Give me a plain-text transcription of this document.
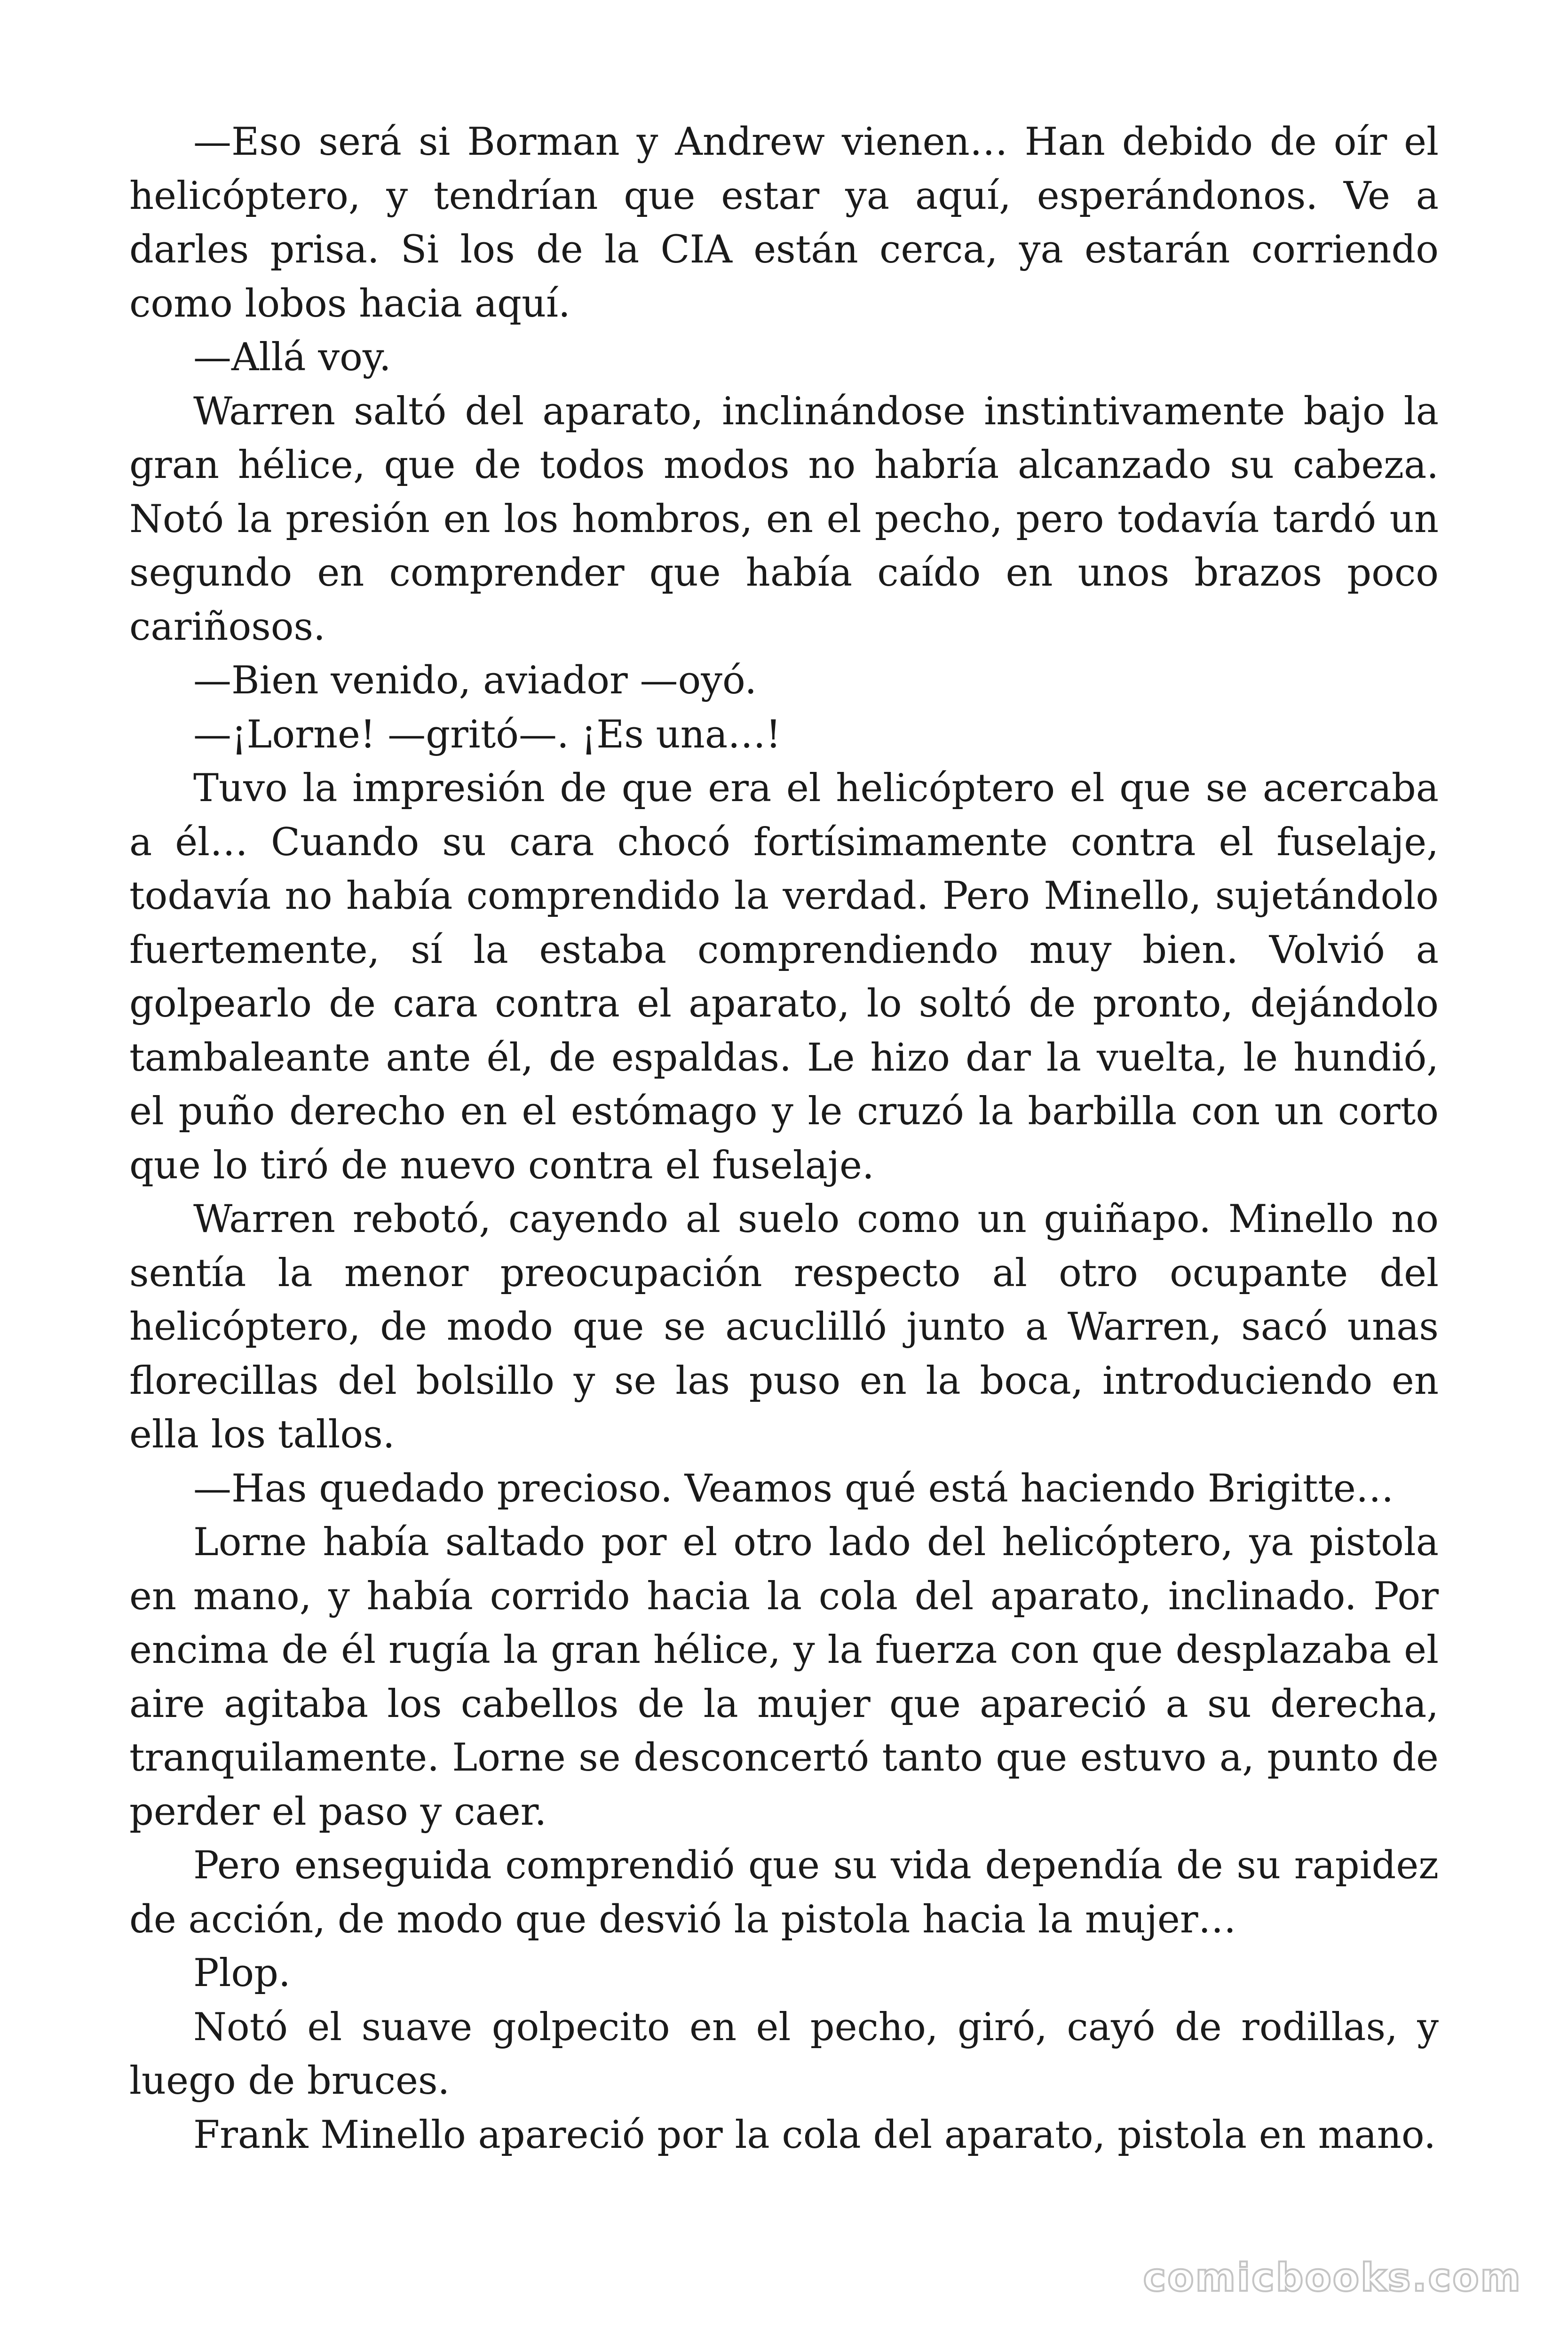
—Eso será si Borman y Andrew vienen… Han debido de oír el helicóptero, y tendrían que estar ya aquí, esperándonos. Ve a darles prisa. Si los de la CIA están cerca, ya estarán corriendo como lobos hacia aquí.

—Allá voy.

Warren saltó del aparato, inclinándose instintivamente bajo la gran hélice, que de todos modos no habría alcanzado su cabeza. Notó la presión en los hombros, en el pecho, pero todavía tardó un segundo en comprender que había caído en unos brazos poco cariñosos.

—Bien venido, aviador —oyó.

—¡Lorne! —gritó—. ¡Es una…!

Tuvo la impresión de que era el helicóptero el que se acercaba a él… Cuando su cara chocó fortísimamente contra el fuselaje, todavía no había comprendido la verdad. Pero Minello, sujetándolo fuertemente, sí la estaba comprendiendo muy bien. Volvió a golpearlo de cara contra el aparato, lo soltó de pronto, dejándolo tambaleante ante él, de espaldas. Le hizo dar la vuelta, le hundió, el puño derecho en el estómago y le cruzó la barbilla con un corto que lo tiró de nuevo contra el fuselaje.

Warren rebotó, cayendo al suelo como un guiñapo. Minello no sentía la menor preocupación respecto al otro ocupante del helicóptero, de modo que se acuclilló junto a Warren, sacó unas florecillas del bolsillo y se las puso en la boca, introduciendo en ella los tallos.

—Has quedado precioso. Veamos qué está haciendo Brigitte…

Lorne había saltado por el otro lado del helicóptero, ya pistola en mano, y había corrido hacia la cola del aparato, inclinado. Por encima de él rugía la gran hélice, y la fuerza con que desplazaba el aire agitaba los cabellos de la mujer que apareció a su derecha, tranquilamente. Lorne se desconcertó tanto que estuvo a, punto de perder el paso y caer.

Pero enseguida comprendió que su vida dependía de su rapidez de acción, de modo que desvió la pistola hacia la mujer…

Plop.

Notó el suave golpecito en el pecho, giró, cayó de rodillas, y luego de bruces.

Frank Minello apareció por la cola del aparato, pistola en mano.

comicbooks.com
